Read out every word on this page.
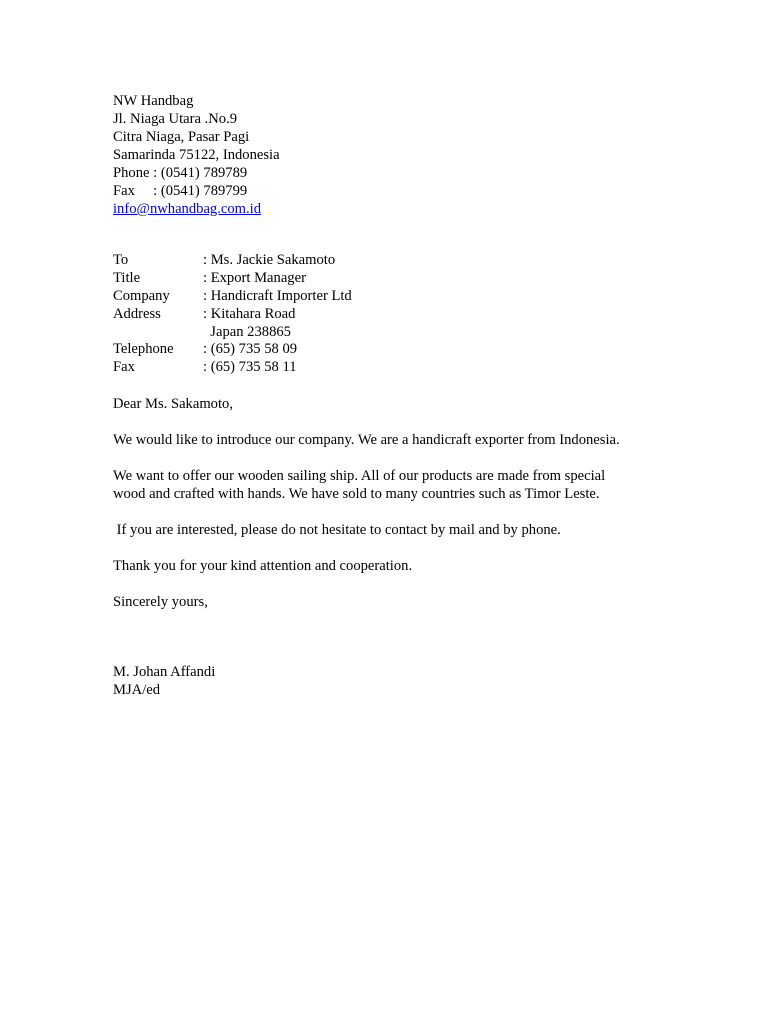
NW Handbag
Jl. Niaga Utara .No.9
Citra Niaga, Pasar Pagi
Samarinda 75122, Indonesia
Phone : (0541) 789789
Fax     : (0541) 789799
info@nwhandbag.com.id
To	: Ms. Jackie Sakamoto
Title	: Export Manager
Company	: Handicraft Importer Ltd
Address	: Kitahara Road
Japan 238865
Telephone	: (65) 735 58 09
Fax	: (65) 735 58 11

Dear Ms. Sakamoto,

We would like to introduce our company. We are a handicraft exporter from Indonesia.

We want to offer our wooden sailing ship. All of our products are made from special
wood and crafted with hands. We have sold to many countries such as Timor Leste.

If you are interested, please do not hesitate to contact by mail and by phone.

Thank you for your kind attention and cooperation.

Sincerely yours,

M. Johan Affandi
MJA/ed
